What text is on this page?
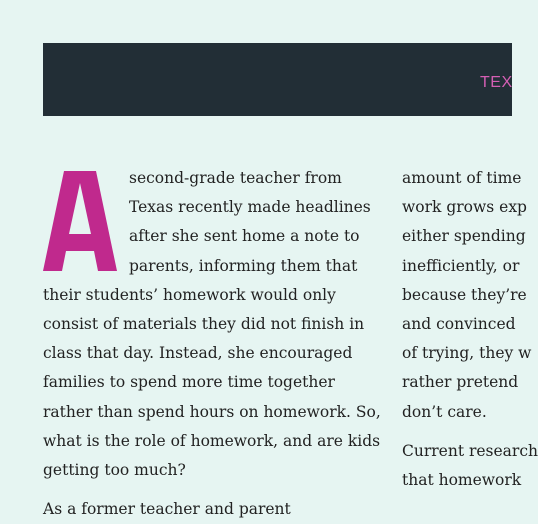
TEX
second-grade teacher from
Texas recently made headlines
after she sent home a note to
parents, informing them that
their students’ homework would only
consist of materials they did not finish in
class that day. Instead, she encouraged
families to spend more time together
rather than spend hours on homework. So,
what is the role of homework, and are kids
getting too much?
As a former teacher and parent
amount of time
work grows exp
either spending
inefficiently, or
because they’re
and convinced
of trying, they w
rather pretend
don’t care.
Current research
that homework
